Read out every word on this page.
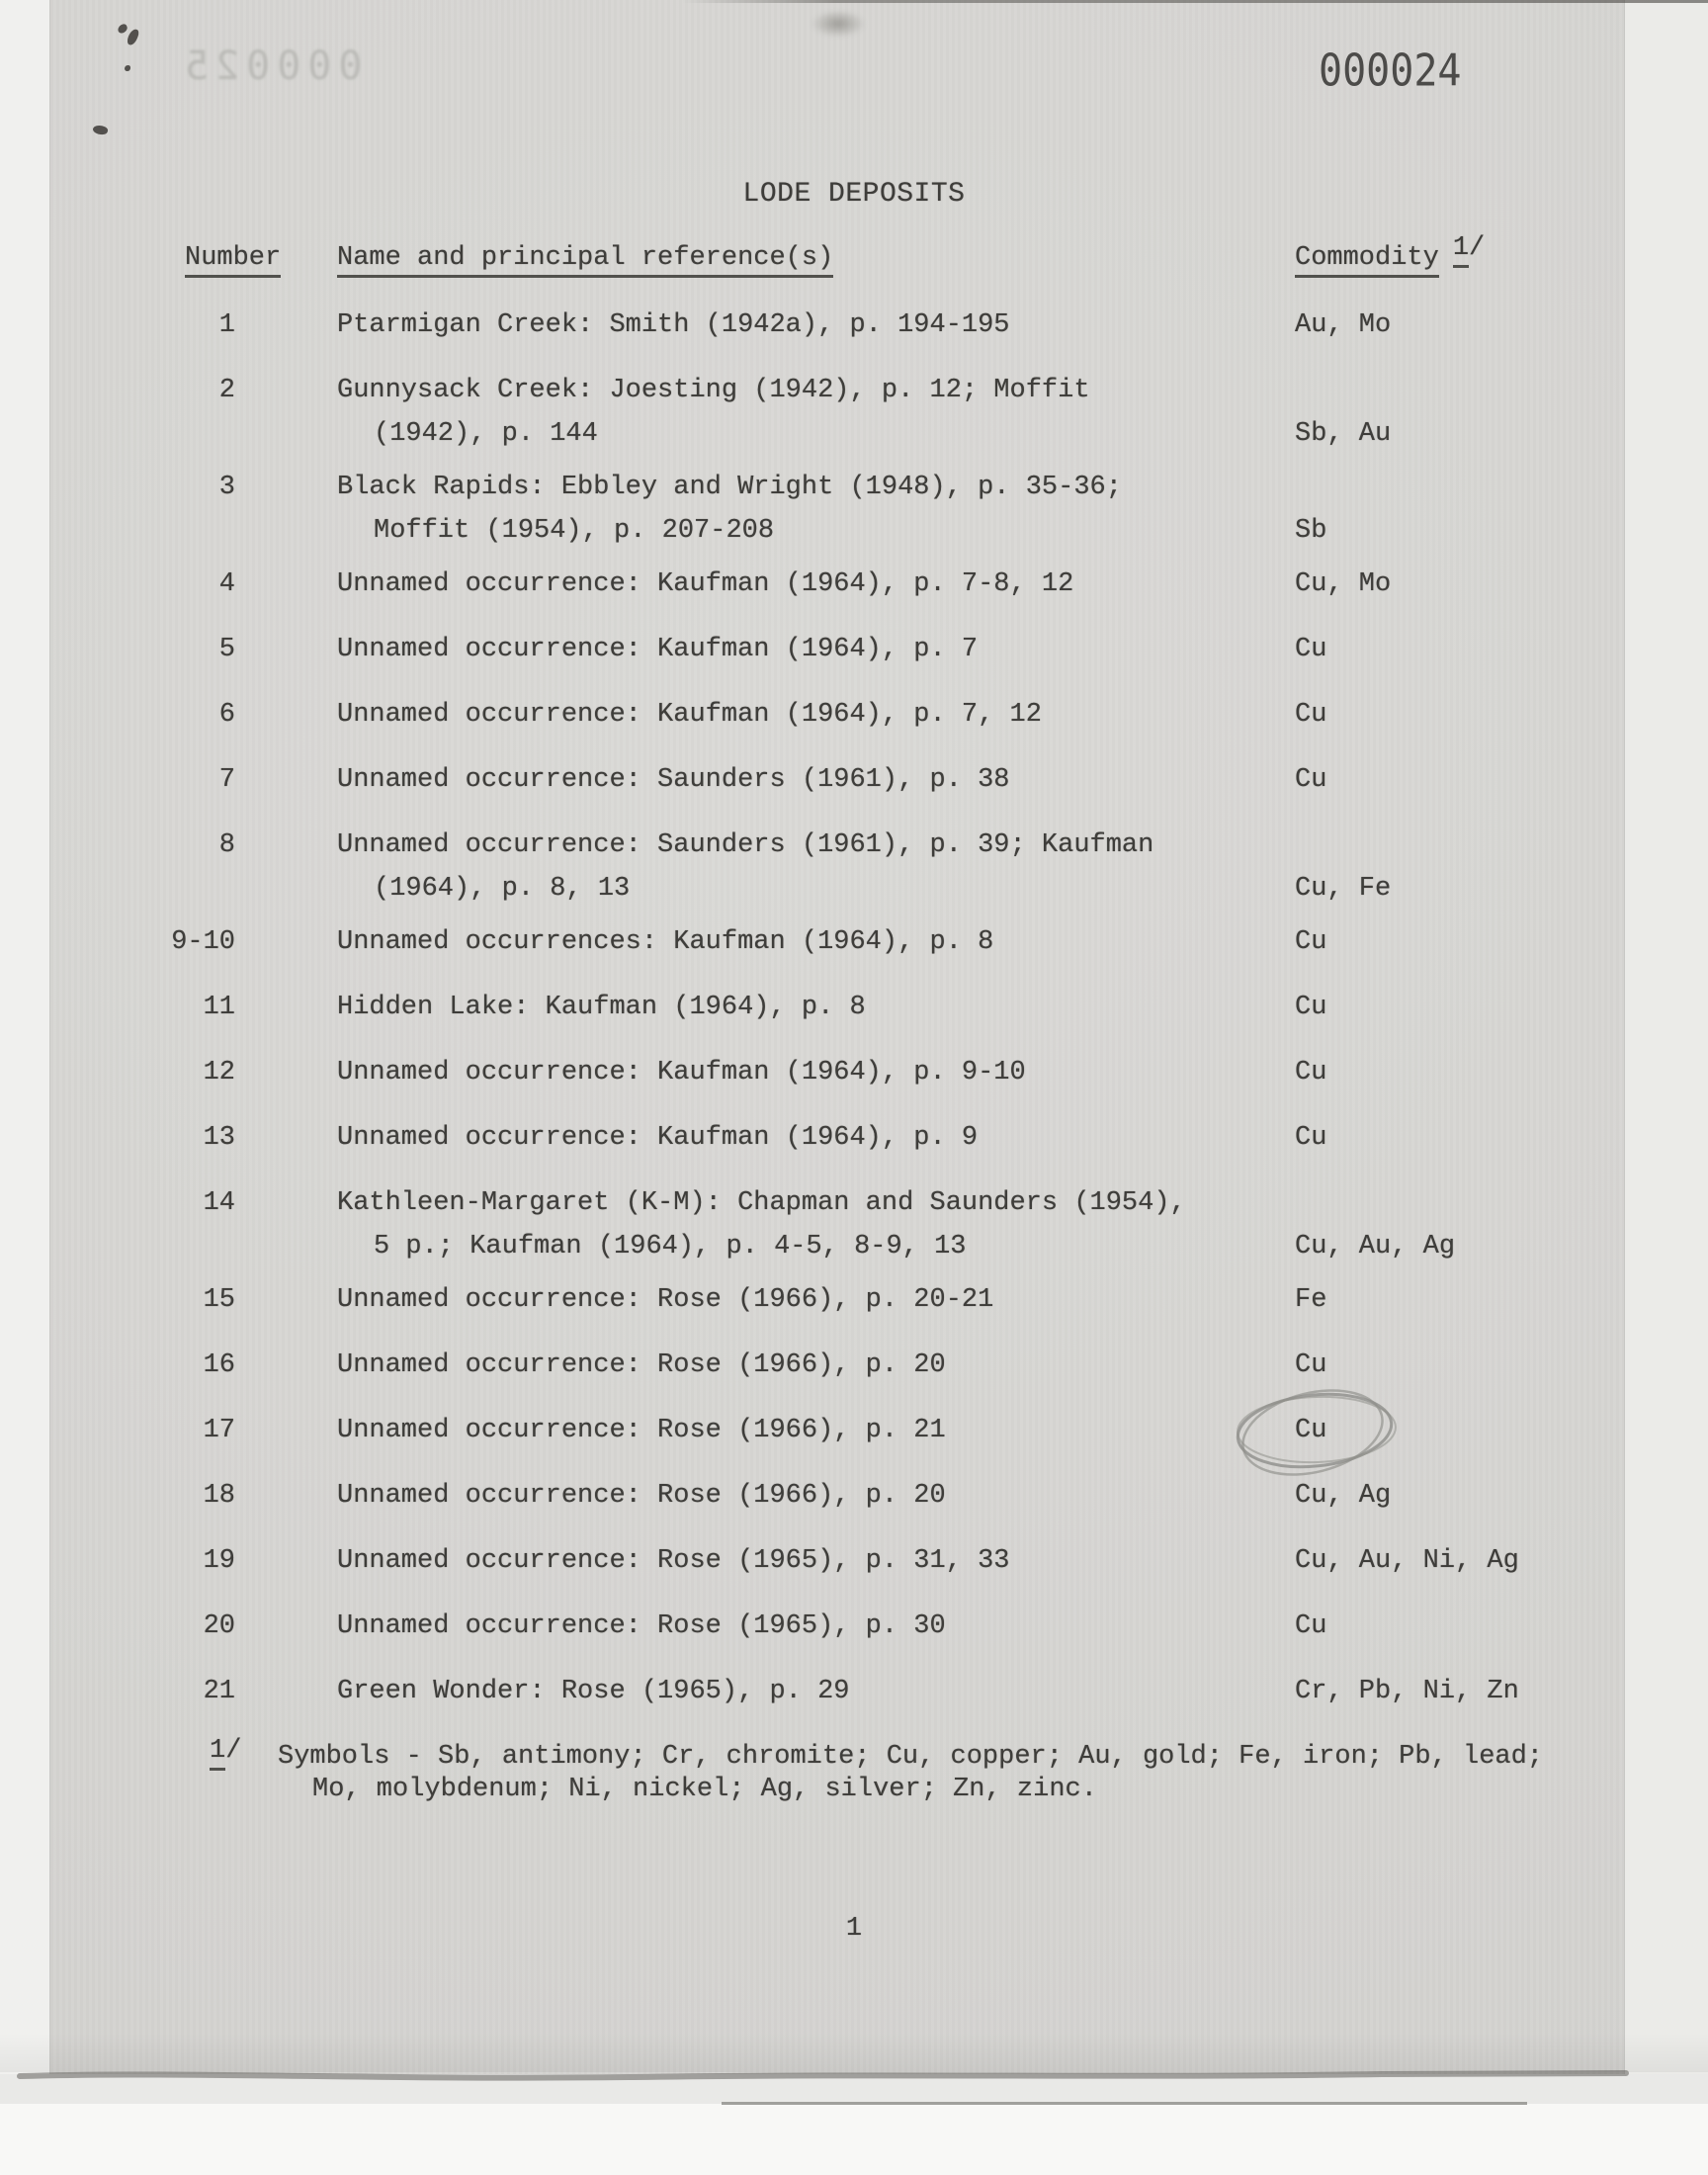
000025	000024
LODE DEPOSITS
Number Name and principal reference(s)	Commodity 1/
1	Ptarmigan Creek: Smith (1942a), p. 194-195	Au, Mo
2	Gunnysack Creek: Joesting (1942), p. 12; Moffit
(1942), p. 144	Sb, Au
3	Black Rapids: Ebbley and Wright (1948), p. 35-36;
Moffit (1954), p. 207-208	Sb
4	Unnamed occurrence: Kaufman (1964), p. 7-8, 12	Cu, Mo
5	Unnamed occurrence: Kaufman (1964), p. 7	Cu
6	Unnamed occurrence: Kaufman (1964), p. 7, 12	Cu
7	Unnamed occurrence: Saunders (1961), p. 38	Cu
8	Unnamed occurrence: Saunders (1961), p. 39; Kaufman
(1964), p. 8, 13	Cu, Fe
9-10	Unnamed occurrences: Kaufman (1964), p. 8	Cu
11	Hidden Lake: Kaufman (1964), p. 8	Cu
12	Unnamed occurrence: Kaufman (1964), p. 9-10	Cu
13	Unnamed occurrence: Kaufman (1964), p. 9	Cu
14	Kathleen-Margaret (K-M): Chapman and Saunders (1954),
5 p.; Kaufman (1964), p. 4-5, 8-9, 13	Cu, Au, Ag
15	Unnamed occurrence: Rose (1966), p. 20-21	Fe
16	Unnamed occurrence: Rose (1966), p. 20	Cu
17	Unnamed occurrence: Rose (1966), p. 21	Cu
18	Unnamed occurrence: Rose (1966), p. 20	Cu, Ag
19	Unnamed occurrence: Rose (1965), p. 31, 33	Cu, Au, Ni, Ag
20	Unnamed occurrence: Rose (1965), p. 30	Cu
21	Green Wonder: Rose (1965), p. 29	Cr, Pb, Ni, Zn
1/ Symbols - Sb, antimony; Cr, chromite; Cu, copper; Au, gold; Fe, iron; Pb, lead;
Mo, molybdenum; Ni, nickel; Ag, silver; Zn, zinc.
1
